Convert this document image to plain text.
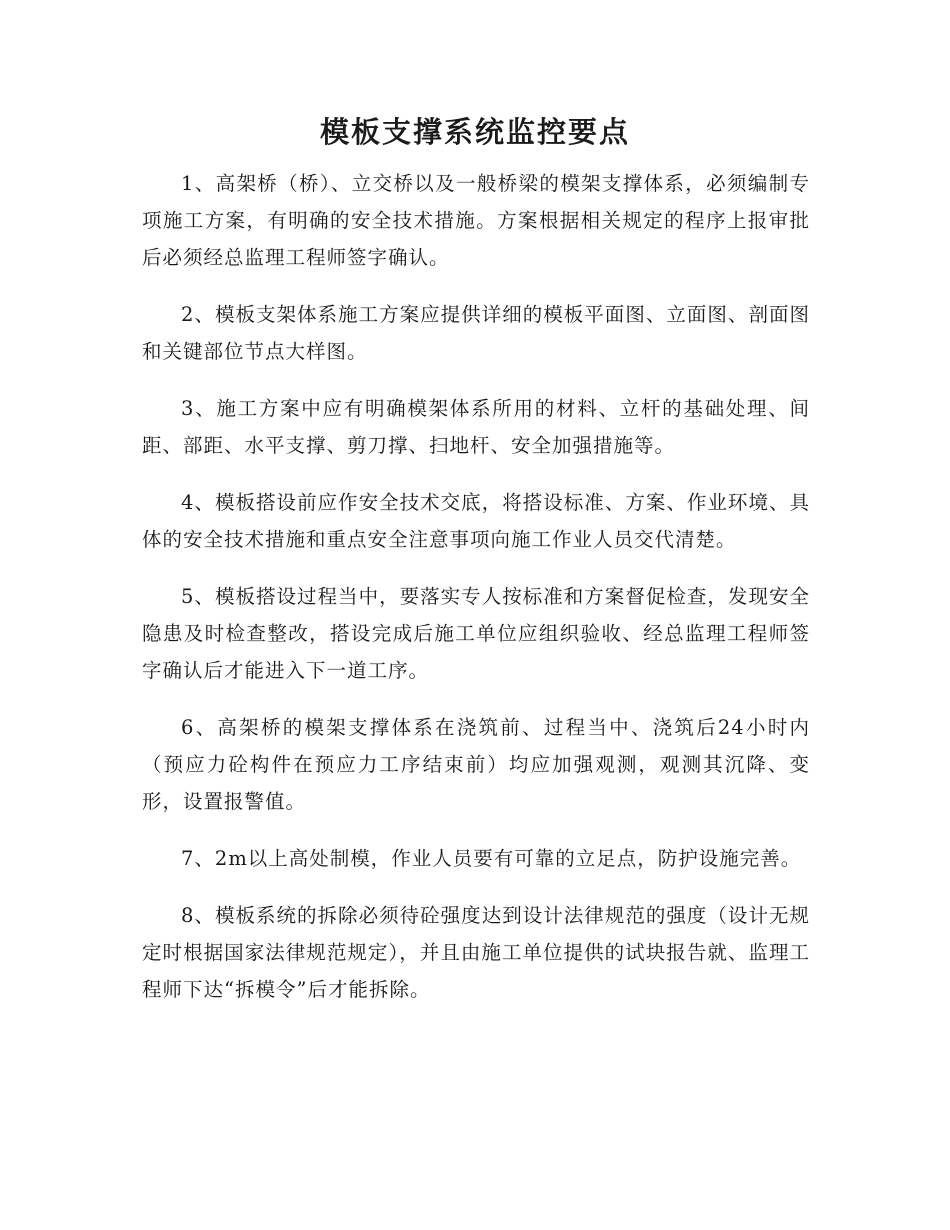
模板支撑系统监控要点

1、高架桥（桥）、立交桥以及一般桥梁的模架支撑体系，必须编制专项施工方案，有明确的安全技术措施。方案根据相关规定的程序上报审批后必须经总监理工程师签字确认。

2、模板支架体系施工方案应提供详细的模板平面图、立面图、剖面图和关键部位节点大样图。

3、施工方案中应有明确模架体系所用的材料、立杆的基础处理、间距、部距、水平支撑、剪刀撑、扫地杆、安全加强措施等。

4、模板搭设前应作安全技术交底，将搭设标准、方案、作业环境、具体的安全技术措施和重点安全注意事项向施工作业人员交代清楚。

5、模板搭设过程当中，要落实专人按标准和方案督促检查，发现安全隐患及时检查整改，搭设完成后施工单位应组织验收、经总监理工程师签字确认后才能进入下一道工序。

6、高架桥的模架支撑体系在浇筑前、过程当中、浇筑后24小时内（预应力砼构件在预应力工序结束前）均应加强观测，观测其沉降、变形，设置报警值。

7、2m以上高处制模，作业人员要有可靠的立足点，防护设施完善。

8、模板系统的拆除必须待砼强度达到设计法律规范的强度（设计无规定时根据国家法律规范规定），并且由施工单位提供的试块报告就、监理工程师下达“拆模令”后才能拆除。
